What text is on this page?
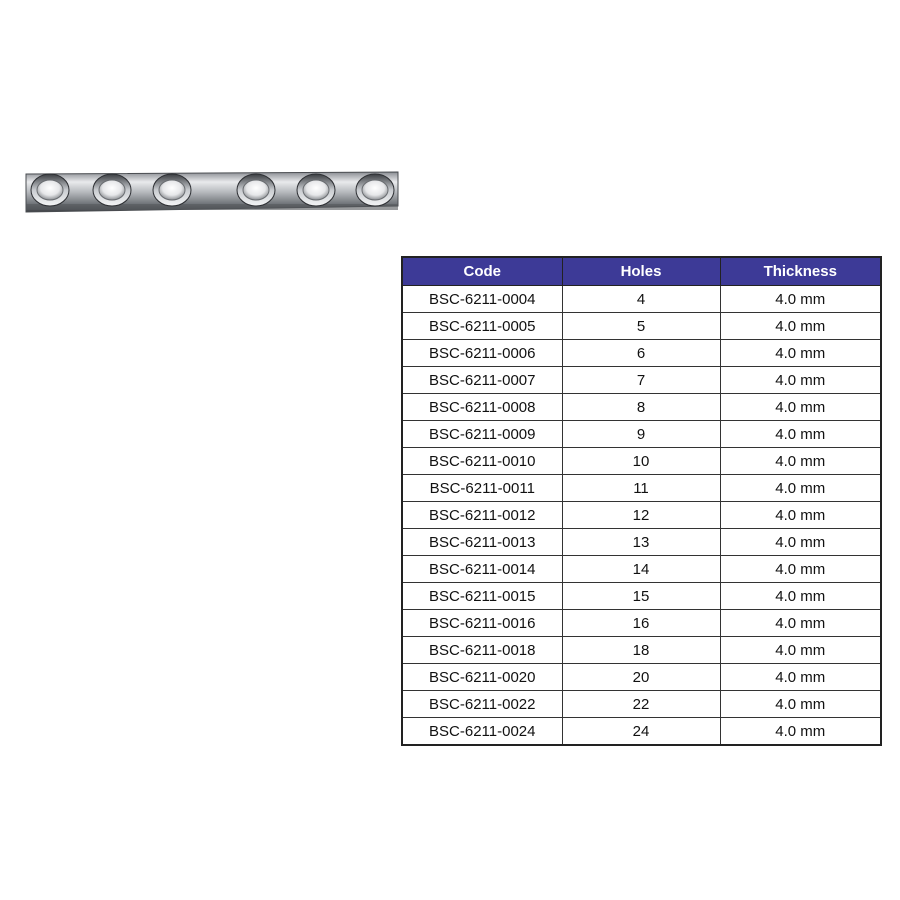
Code	Holes	Thickness
BSC-6211-0004	4	4.0 mm
BSC-6211-0005	5	4.0 mm
BSC-6211-0006	6	4.0 mm
BSC-6211-0007	7	4.0 mm
BSC-6211-0008	8	4.0 mm
BSC-6211-0009	9	4.0 mm
BSC-6211-0010	10	4.0 mm
BSC-6211-0011	11	4.0 mm
BSC-6211-0012	12	4.0 mm
BSC-6211-0013	13	4.0 mm
BSC-6211-0014	14	4.0 mm
BSC-6211-0015	15	4.0 mm
BSC-6211-0016	16	4.0 mm
BSC-6211-0018	18	4.0 mm
BSC-6211-0020	20	4.0 mm
BSC-6211-0022	22	4.0 mm
BSC-6211-0024	24	4.0 mm
